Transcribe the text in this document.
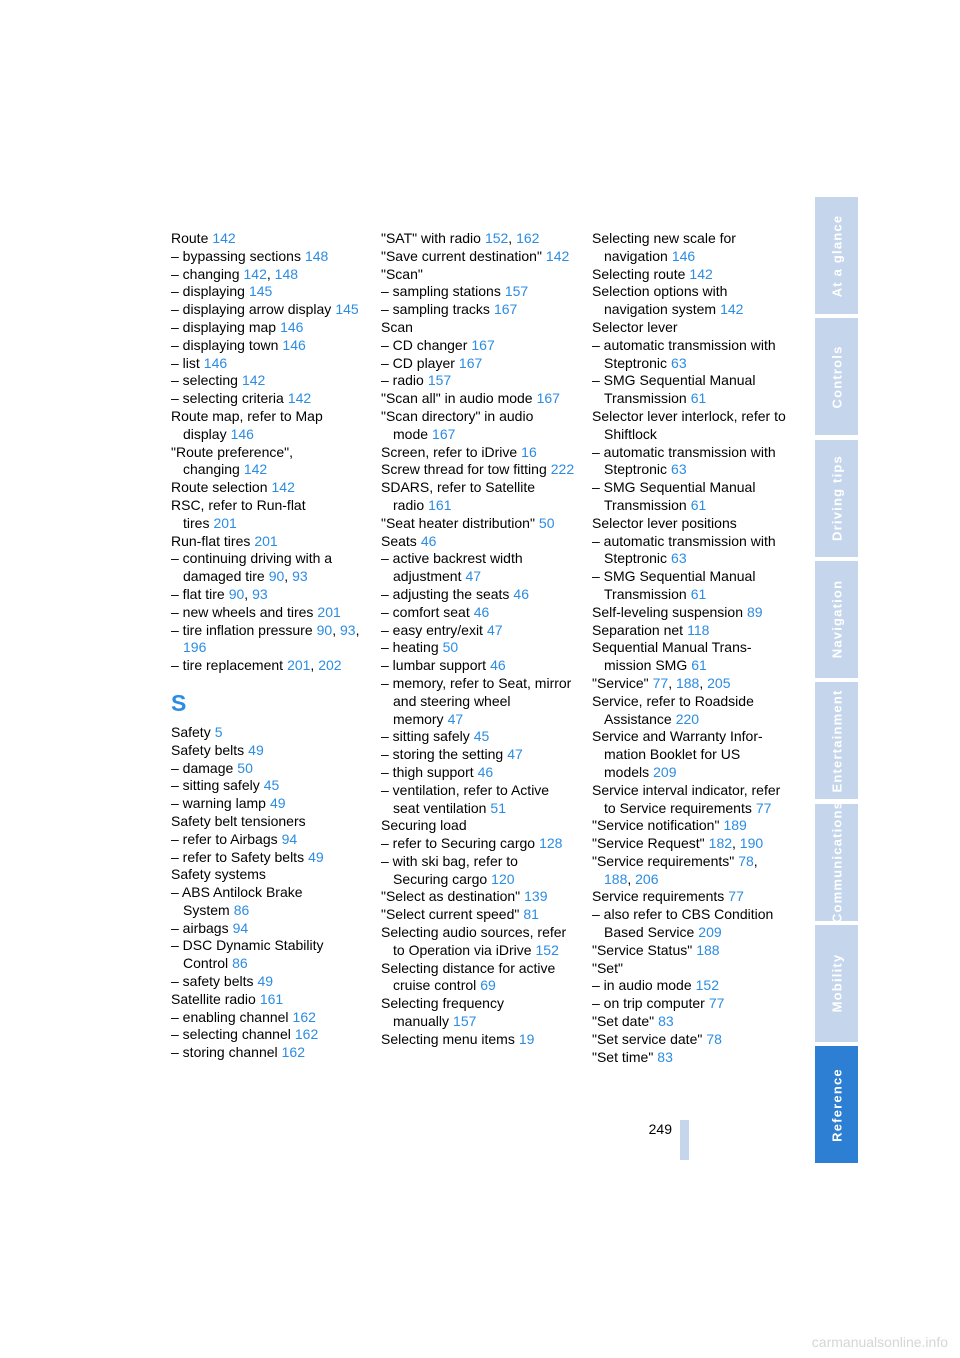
Route 142
– bypassing sections 148
– changing 142, 148
– displaying 145
– displaying arrow display 145
– displaying map 146
– displaying town 146
– list 146
– selecting 142
– selecting criteria 142
Route map, refer to Map display 146
"Route preference", changing 142
Route selection 142
RSC, refer to Run-flat tires 201
Run-flat tires 201
– continuing driving with a damaged tire 90, 93
– flat tire 90, 93
– new wheels and tires 201
– tire inflation pressure 90, 93, 196
– tire replacement 201, 202
S
Safety 5
Safety belts 49
– damage 50
– sitting safely 45
– warning lamp 49
Safety belt tensioners
– refer to Airbags 94
– refer to Safety belts 49
Safety systems
– ABS Antilock Brake System 86
– airbags 94
– DSC Dynamic Stability Control 86
– safety belts 49
Satellite radio 161
– enabling channel 162
– selecting channel 162
– storing channel 162
"SAT" with radio 152, 162
"Save current destination" 142
"Scan"
– sampling stations 157
– sampling tracks 167
Scan
– CD changer 167
– CD player 167
– radio 157
"Scan all" in audio mode 167
"Scan directory" in audio mode 167
Screen, refer to iDrive 16
Screw thread for tow fitting 222
SDARS, refer to Satellite radio 161
"Seat heater distribution" 50
Seats 46
– active backrest width adjustment 47
– adjusting the seats 46
– comfort seat 46
– easy entry/exit 47
– heating 50
– lumbar support 46
– memory, refer to Seat, mirror and steering wheel memory 47
– sitting safely 45
– storing the setting 47
– thigh support 46
– ventilation, refer to Active seat ventilation 51
Securing load
– refer to Securing cargo 128
– with ski bag, refer to Securing cargo 120
"Select as destination" 139
"Select current speed" 81
Selecting audio sources, refer to Operation via iDrive 152
Selecting distance for active cruise control 69
Selecting frequency manually 157
Selecting menu items 19
Selecting new scale for navigation 146
Selecting route 142
Selection options with navigation system 142
Selector lever
– automatic transmission with Steptronic 63
– SMG Sequential Manual Transmission 61
Selector lever interlock, refer to Shiftlock
– automatic transmission with Steptronic 63
– SMG Sequential Manual Transmission 61
Selector lever positions
– automatic transmission with Steptronic 63
– SMG Sequential Manual Transmission 61
Self-leveling suspension 89
Separation net 118
Sequential Manual Trans-mission SMG 61
"Service" 77, 188, 205
Service, refer to Roadside Assistance 220
Service and Warranty Infor-mation Booklet for US models 209
Service interval indicator, refer to Service requirements 77
"Service notification" 189
"Service Request" 182, 190
"Service requirements" 78, 188, 206
Service requirements 77
– also refer to CBS Condition Based Service 209
"Service Status" 188
"Set"
– in audio mode 152
– on trip computer 77
"Set date" 83
"Set service date" 78
"Set time" 83
At a glance
Controls
Driving tips
Navigation
Entertainment
Communications
Mobility
Reference
249
carmanualsonline.info
